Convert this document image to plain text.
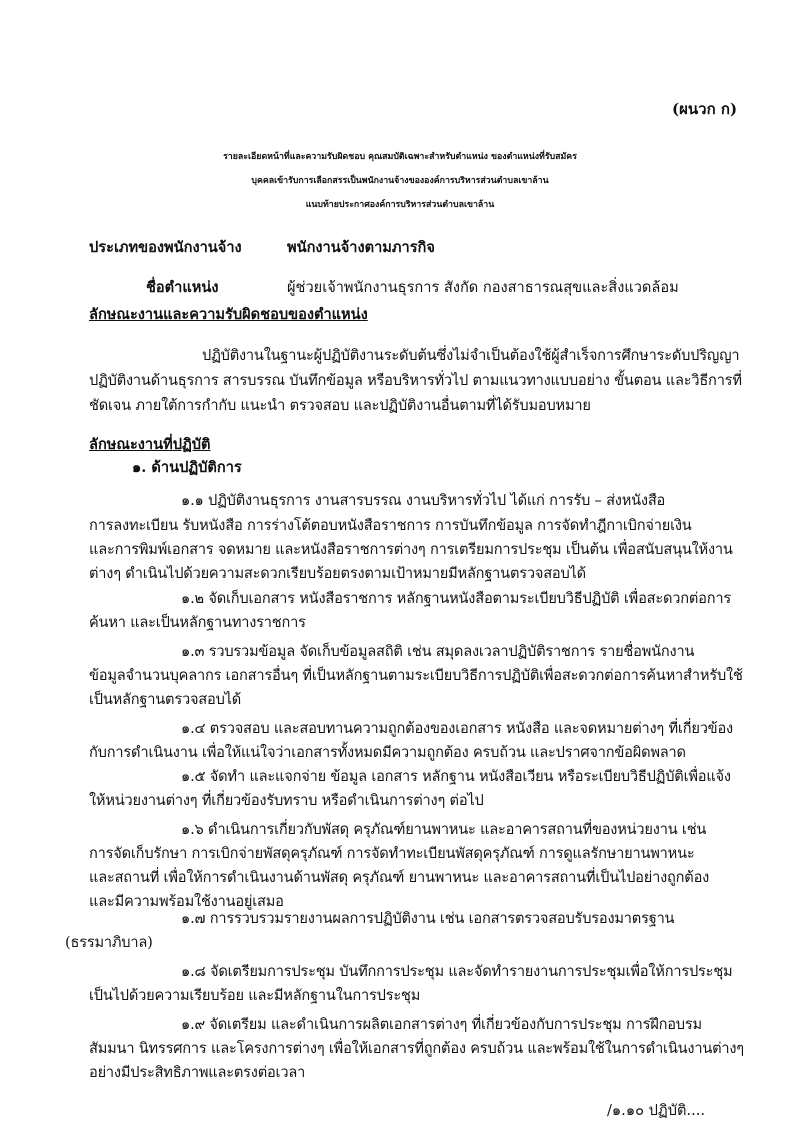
(ผนวก ก)
รายละเอียดหน้าที่และความรับผิดชอบ คุณสมบัติเฉพาะสำหรับตำแหน่ง ของตำแหน่งที่รับสมัคร
บุคคลเข้ารับการเลือกสรรเป็นพนักงานจ้างขององค์การบริหารส่วนตำบลเขาล้าน
แนบท้ายประกาศองค์การบริหารส่วนตำบลเขาล้าน
ประเภทของพนักงานจ้าง	พนักงานจ้างตามภารกิจ
ชื่อตำแหน่ง	ผู้ช่วยเจ้าพนักงานธุรการ สังกัด กองสาธารณสุขและสิ่งแวดล้อม
ลักษณะงานและความรับผิดชอบของตำแหน่ง
ปฏิบัติงานในฐานะผู้ปฏิบัติงานระดับต้นซึ่งไม่จำเป็นต้องใช้ผู้สำเร็จการศึกษาระดับปริญญา
ปฏิบัติงานด้านธุรการ สารบรรณ บันทึกข้อมูล หรือบริหารทั่วไป ตามแนวทางแบบอย่าง ขั้นตอน และวิธีการที่
ชัดเจน ภายใต้การกำกับ แนะนำ ตรวจสอบ และปฏิบัติงานอื่นตามที่ได้รับมอบหมาย
ลักษณะงานที่ปฏิบัติ
๑. ด้านปฏิบัติการ
๑.๑ ปฏิบัติงานธุรการ งานสารบรรณ งานบริหารทั่วไป ได้แก่ การรับ – ส่งหนังสือ
การลงทะเบียน รับหนังสือ การร่างโต้ตอบหนังสือราชการ การบันทึกข้อมูล การจัดทำฎีกาเบิกจ่ายเงิน
และการพิมพ์เอกสาร จดหมาย และหนังสือราชการต่างๆ การเตรียมการประชุม เป็นต้น เพื่อสนับสนุนให้งาน
ต่างๆ ดำเนินไปด้วยความสะดวกเรียบร้อยตรงตามเป้าหมายมีหลักฐานตรวจสอบได้
๑.๒ จัดเก็บเอกสาร หนังสือราชการ หลักฐานหนังสือตามระเบียบวิธีปฏิบัติ เพื่อสะดวกต่อการ
ค้นหา และเป็นหลักฐานทางราชการ
๑.๓ รวบรวมข้อมูล จัดเก็บข้อมูลสถิติ เช่น สมุดลงเวลาปฏิบัติราชการ รายชื่อพนักงาน
ข้อมูลจำนวนบุคลากร เอกสารอื่นๆ ที่เป็นหลักฐานตามระเบียบวิธีการปฏิบัติเพื่อสะดวกต่อการค้นหาสำหรับใช้
เป็นหลักฐานตรวจสอบได้
๑.๔ ตรวจสอบ และสอบทานความถูกต้องของเอกสาร หนังสือ และจดหมายต่างๆ ที่เกี่ยวข้อง
กับการดำเนินงาน เพื่อให้แน่ใจว่าเอกสารทั้งหมดมีความถูกต้อง ครบถ้วน และปราศจากข้อผิดพลาด
๑.๕ จัดทำ และแจกจ่าย ข้อมูล เอกสาร หลักฐาน หนังสือเวียน หรือระเบียบวิธีปฏิบัติเพื่อแจ้ง
ให้หน่วยงานต่างๆ ที่เกี่ยวข้องรับทราบ หรือดำเนินการต่างๆ ต่อไป
๑.๖ ดำเนินการเกี่ยวกับพัสดุ ครุภัณฑ์ยานพาหนะ และอาคารสถานที่ของหน่วยงาน เช่น
การจัดเก็บรักษา การเบิกจ่ายพัสดุครุภัณฑ์ การจัดทำทะเบียนพัสดุครุภัณฑ์ การดูแลรักษายานพาหนะ
และสถานที่ เพื่อให้การดำเนินงานด้านพัสดุ ครุภัณฑ์ ยานพาหนะ และอาคารสถานที่เป็นไปอย่างถูกต้อง
และมีความพร้อมใช้งานอยู่เสมอ
๑.๗ การรวบรวมรายงานผลการปฏิบัติงาน เช่น เอกสารตรวจสอบรับรองมาตรฐาน
(ธรรมาภิบาล)
๑.๘ จัดเตรียมการประชุม บันทึกการประชุม และจัดทำรายงานการประชุมเพื่อให้การประชุม
เป็นไปด้วยความเรียบร้อย และมีหลักฐานในการประชุม
๑.๙ จัดเตรียม และดำเนินการผลิตเอกสารต่างๆ ที่เกี่ยวข้องกับการประชุม การฝึกอบรม
สัมมนา นิทรรศการ และโครงการต่างๆ เพื่อให้เอกสารที่ถูกต้อง ครบถ้วน และพร้อมใช้ในการดำเนินงานต่างๆ
อย่างมีประสิทธิภาพและตรงต่อเวลา
/๑.๑๐ ปฏิบัติ....
